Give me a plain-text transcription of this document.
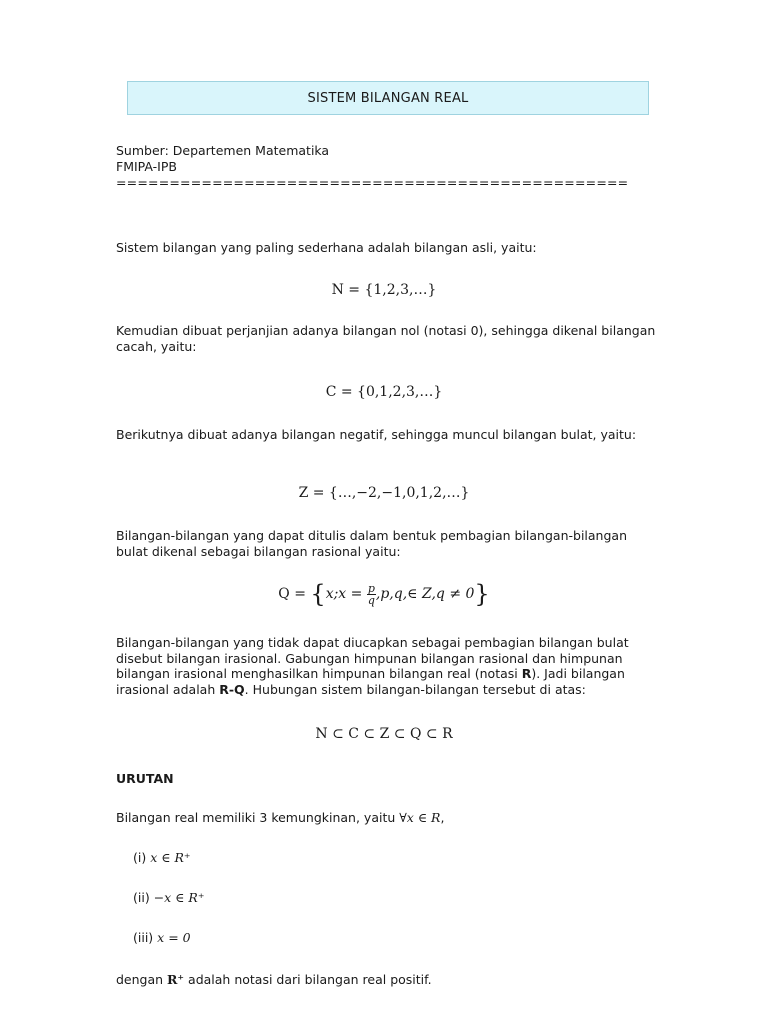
SISTEM BILANGAN REAL
Sumber: Departemen Matematika
FMIPA-IPB
================================================
Sistem bilangan yang paling sederhana adalah bilangan asli, yaitu:
N = {1,2,3,…}
Kemudian dibuat perjanjian adanya bilangan nol (notasi 0), sehingga dikenal bilangan cacah, yaitu:
C = {0,1,2,3,…}
Berikutnya dibuat adanya bilangan negatif, sehingga muncul bilangan bulat, yaitu:
Z = {…,−2,−1,0,1,2,…}
Bilangan-bilangan yang dapat ditulis dalam bentuk pembagian bilangan-bilangan bulat dikenal sebagai bilangan rasional yaitu:
Q = {x;x = $\frac{p}{q}$ ,p,q,∈ Z,q ≠ 0}
Bilangan-bilangan yang tidak dapat diucapkan sebagai pembagian bilangan bulat disebut bilangan irasional. Gabungan himpunan bilangan rasional dan himpunan bilangan irasional menghasilkan himpunan bilangan real (notasi R). Jadi bilangan irasional adalah R-Q. Hubungan sistem bilangan-bilangan tersebut di atas:
N ⊂ C ⊂ Z ⊂ Q ⊂ R
URUTAN
Bilangan real memiliki 3 kemungkinan, yaitu ∀x ∈ R,
(i) x ∈ R⁺
(ii) −x ∈ R⁺
(iii) x = 0
dengan R⁺ adalah notasi dari bilangan real positif.
